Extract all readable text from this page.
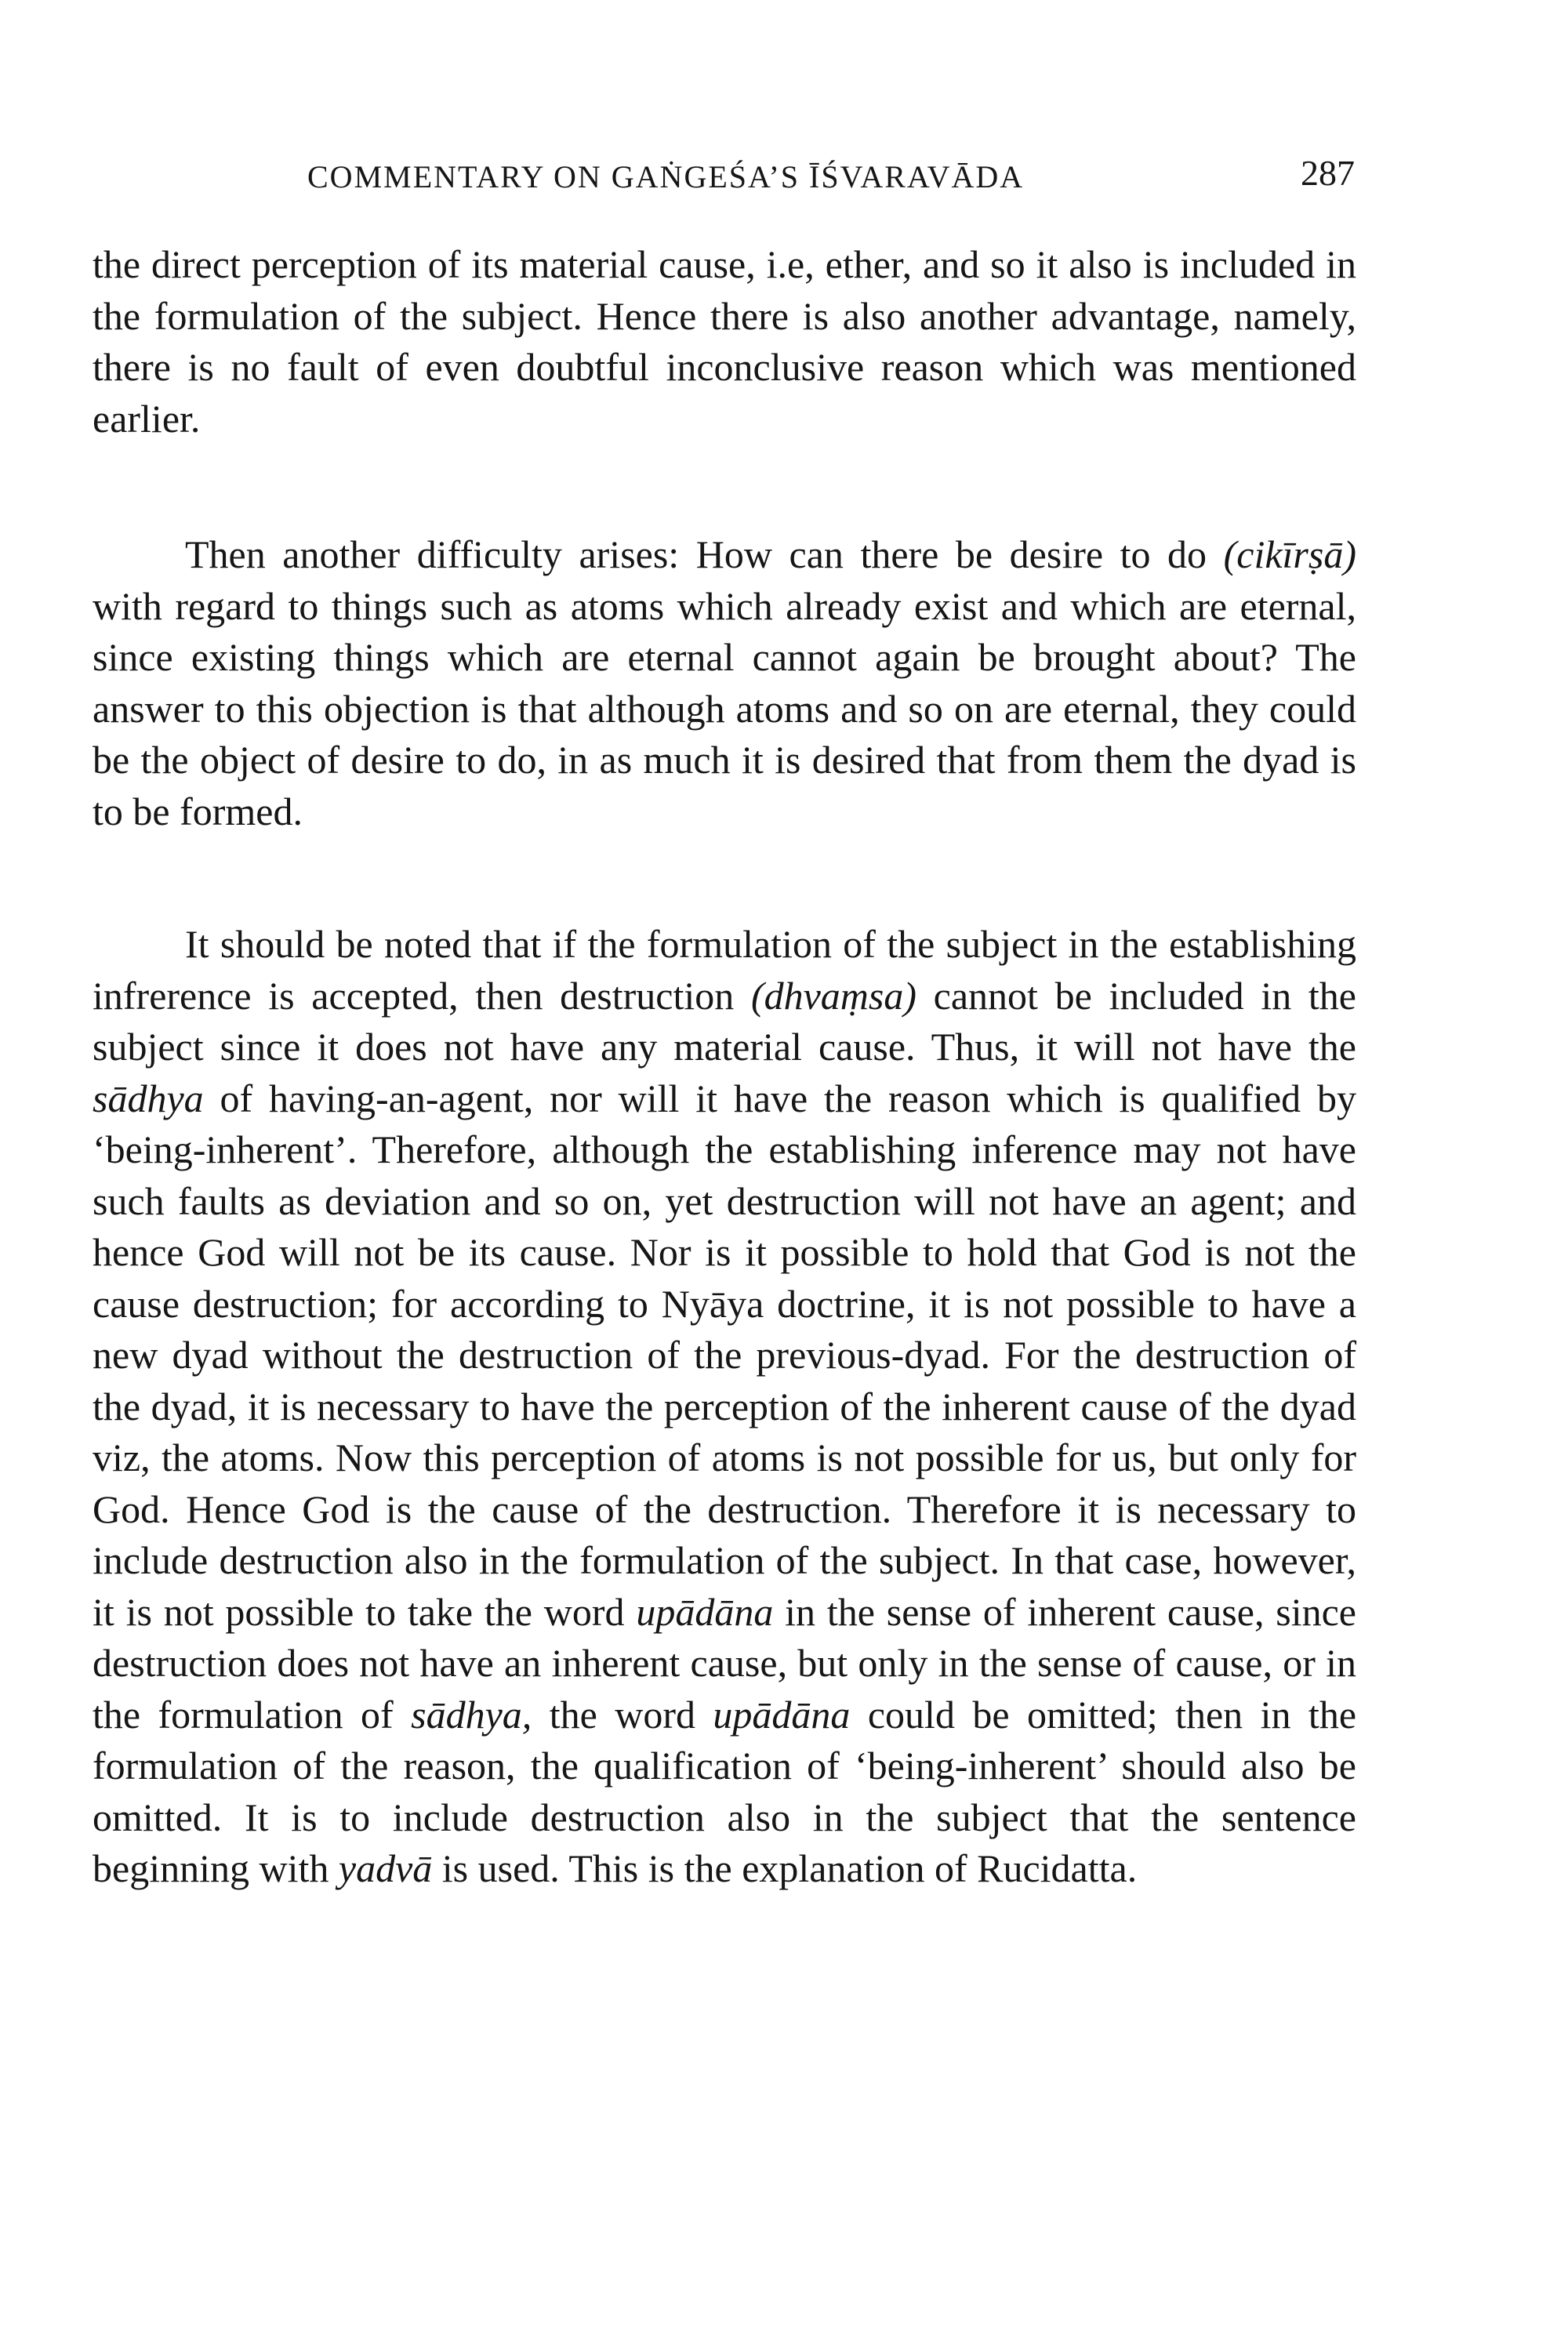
COMMENTARY ON GAṄGEŚA’S ĪŚVARAVĀDA	287

the direct perception of its material cause, i.e, ether, and so it also is included in the formulation of the subject. Hence there is also another advantage, namely, there is no fault of even doubtful inconclusive reason which was mentioned earlier.

Then another difficulty arises: How can there be desire to do (cikīrṣā) with regard to things such as atoms which already exist and which are eternal, since existing things which are eternal cannot again be brought about? The answer to this objection is that although atoms and so on are eternal, they could be the object of desire to do, in as much it is desired that from them the dyad is to be formed.

It should be noted that if the formulation of the subject in the establishing infrerence is accepted, then destruction (dhvaṃsa) cannot be included in the subject since it does not have any material cause. Thus, it will not have the sādhya of having-an-agent, nor will it have the reason which is qualified by ‘being-inherent’. Therefore, although the establishing inference may not have such faults as deviation and so on, yet destruction will not have an agent; and hence God will not be its cause. Nor is it possible to hold that God is not the cause destruction; for according to Nyāya doctrine, it is not possible to have a new dyad without the destruction of the previous-dyad. For the destruction of the dyad, it is necessary to have the perception of the inherent cause of the dyad viz, the atoms. Now this perception of atoms is not possible for us, but only for God. Hence God is the cause of the destruction. Therefore it is necessary to include destruction also in the formulation of the subject. In that case, however, it is not possible to take the word upādāna in the sense of inherent cause, since destruction does not have an inherent cause, but only in the sense of cause, or in the formulation of sādhya, the word upādāna could be omitted; then in the formulation of the reason, the qualification of ‘being-inherent’ should also be omitted. It is to include destruction also in the subject that the sentence beginning with yadvā is used. This is the explanation of Rucidatta.
